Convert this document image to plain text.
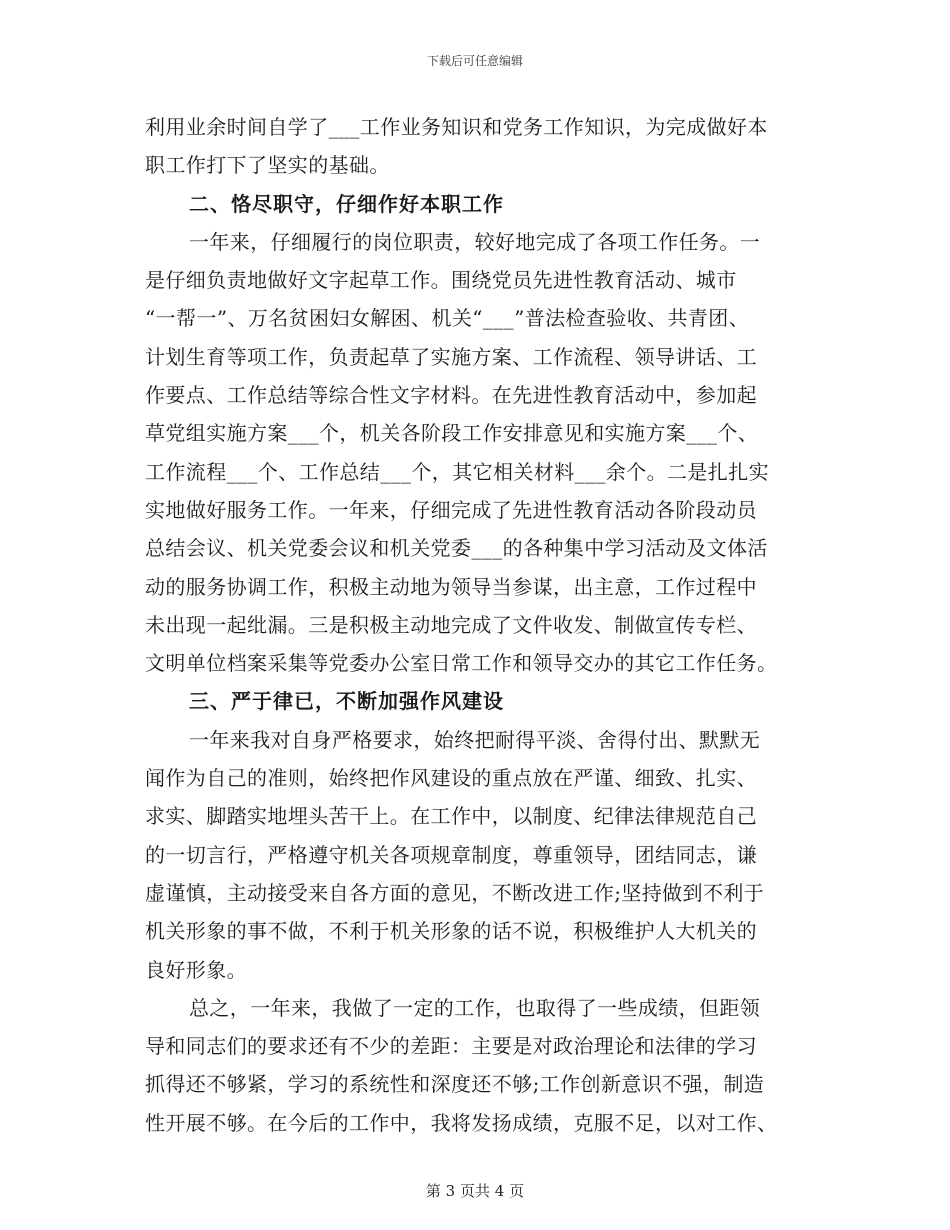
下载后可任意编辑
利用业余时间自学了___工作业务知识和党务工作知识，为完成做好本
职工作打下了坚实的基础。
二、恪尽职守，仔细作好本职工作
一年来，仔细履行的岗位职责，较好地完成了各项工作任务。一
是仔细负责地做好文字起草工作。围绕党员先进性教育活动、城市
“一帮一”、万名贫困妇女解困、机关“___”普法检查验收、共青团、
计划生育等项工作，负责起草了实施方案、工作流程、领导讲话、工
作要点、工作总结等综合性文字材料。在先进性教育活动中，参加起
草党组实施方案___个，机关各阶段工作安排意见和实施方案___个、
工作流程___个、工作总结___个，其它相关材料___余个。二是扎扎实
实地做好服务工作。一年来，仔细完成了先进性教育活动各阶段动员
总结会议、机关党委会议和机关党委___的各种集中学习活动及文体活
动的服务协调工作，积极主动地为领导当参谋，出主意，工作过程中
未出现一起纰漏。三是积极主动地完成了文件收发、制做宣传专栏、
文明单位档案采集等党委办公室日常工作和领导交办的其它工作任务。
三、严于律已，不断加强作风建设
一年来我对自身严格要求，始终把耐得平淡、舍得付出、默默无
闻作为自己的准则，始终把作风建设的重点放在严谨、细致、扎实、
求实、脚踏实地埋头苦干上。在工作中，以制度、纪律法律规范自己
的一切言行，严格遵守机关各项规章制度，尊重领导，团结同志，谦
虚谨慎，主动接受来自各方面的意见，不断改进工作;坚持做到不利于
机关形象的事不做，不利于机关形象的话不说，积极维护人大机关的
良好形象。
总之，一年来，我做了一定的工作，也取得了一些成绩，但距领
导和同志们的要求还有不少的差距：主要是对政治理论和法律的学习
抓得还不够紧，学习的系统性和深度还不够;工作创新意识不强，制造
性开展不够。在今后的工作中，我将发扬成绩，克服不足，以对工作、
第 3 页共 4 页
